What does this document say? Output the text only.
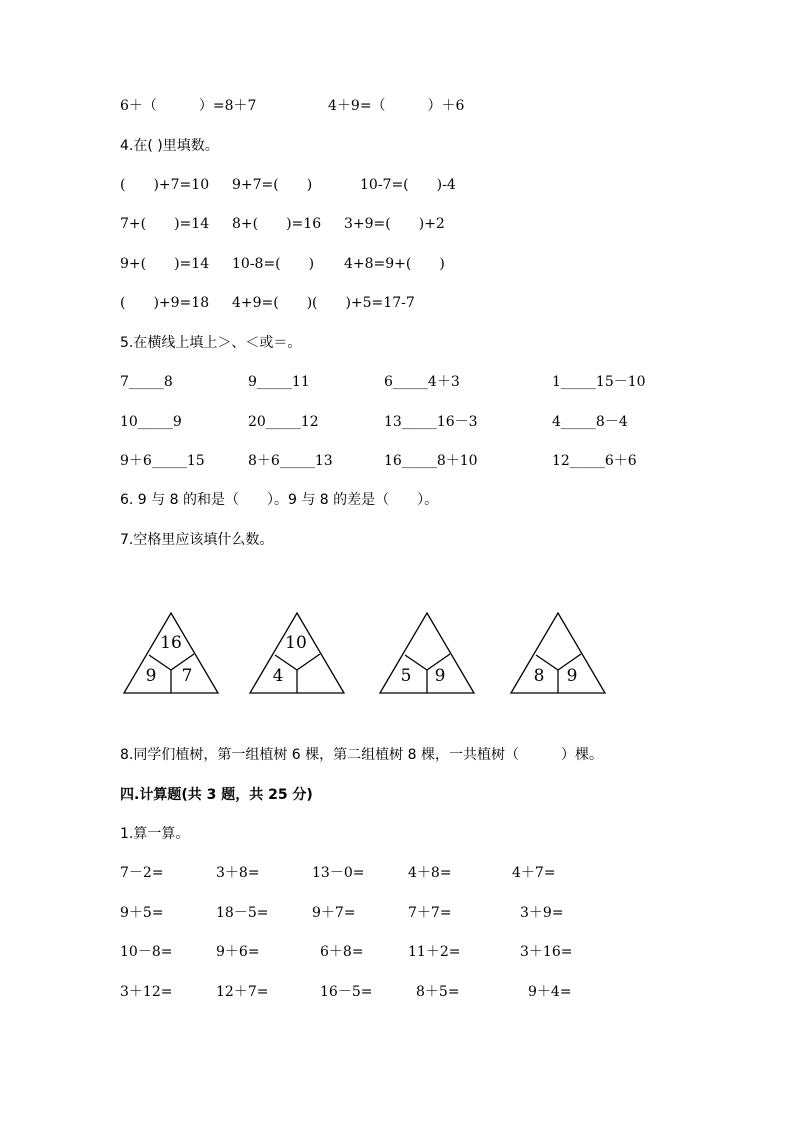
6＋（　　　）=8＋7	4＋9=（　　　）＋6
4.在( )里填数。
(　　)+7=10 9+7=(　　)	10-7=(　　)-4
7+(　　)=14 8+(　　)=16 3+9=(　　)+2
9+(　　)=14 10-8=(　　) 4+8=9+(　　)
(　　)+9=18 4+9=(　　) (　　)+5=17-7
5.在横线上填上＞、＜或＝。
7_____8	9_____11	6_____4＋3	1_____15－10
10_____9	20_____12	13_____16－3	4_____8－4
9＋6_____15	8＋6_____13	16_____8＋10	12_____6＋6
6. 9 与 8 的和是（　　）。9 与 8 的差是（　　）。
7.空格里应该填什么数。
16
9 7
10
4	5 9	8 9
8.同学们植树，第一组植树 6 棵，第二组植树 8 棵，一共植树（　　　）棵。
四.计算题(共 3 题，共 25 分)
1.算一算。
7－2=	3＋8=	13－0=	4＋8=	4＋7=
9＋5=	18－5=	9＋7=	7＋7=	3＋9=
10－8=	9＋6=	6＋8=	11＋2=	3＋16=
3＋12=	12＋7=	16－5=	8＋5=	9＋4=
